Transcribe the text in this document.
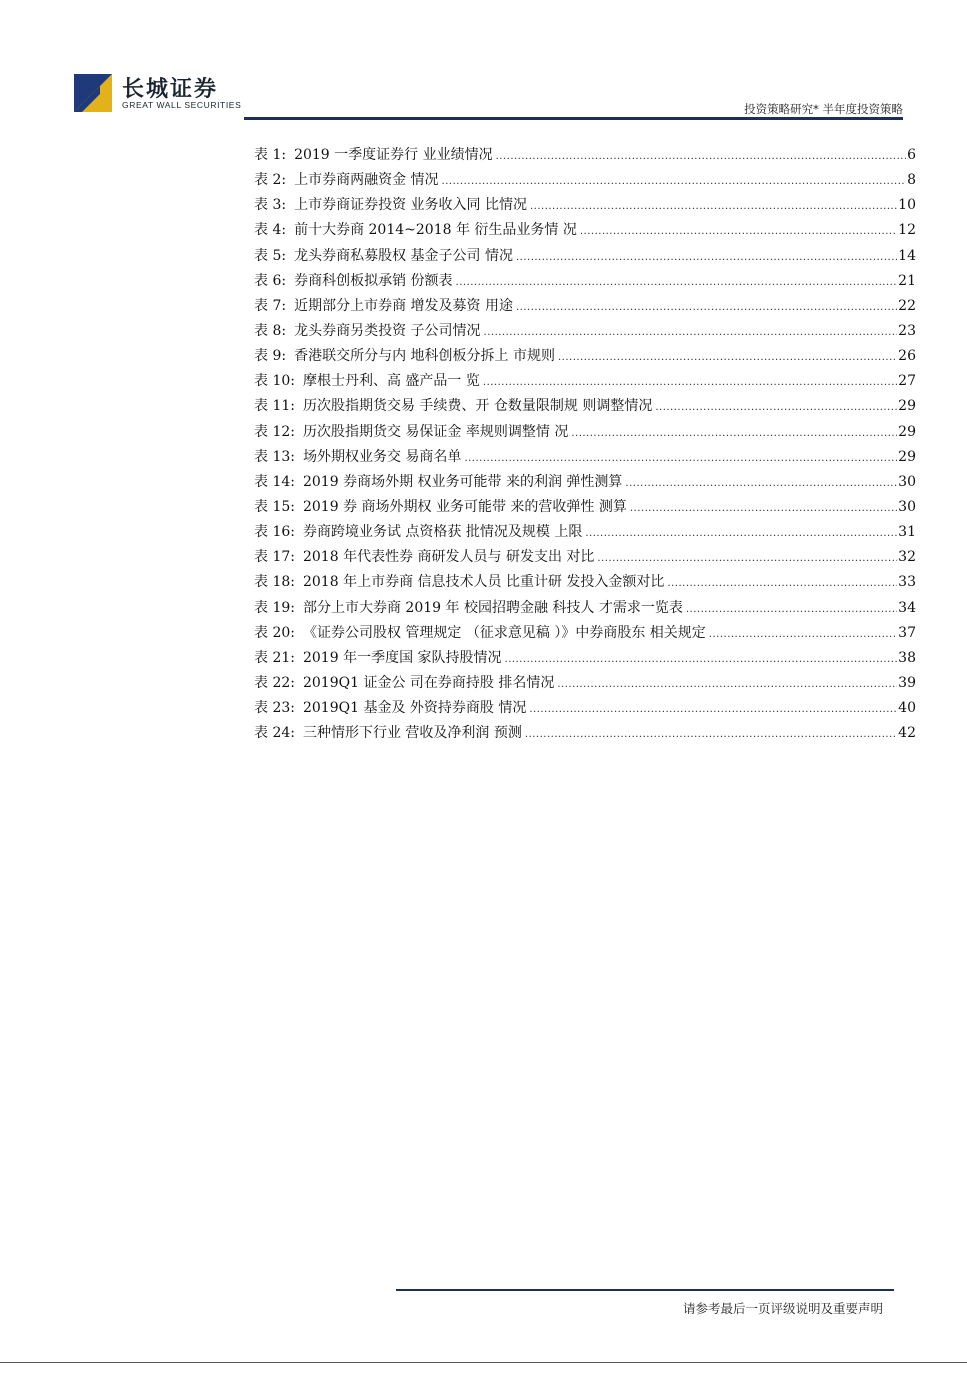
长城证券
GREAT WALL SECURITIES	投资策略研究* 半年度投资策略
表 1: 2019 一季度证券行 业业绩情况 .....	6
表 2: 上市券商两融资金 情况 .....	8
表 3: 上市券商证券投资 业务收入同 比情况 .....	10
表 4: 前十大券商 2014~2018 年 衍生品业务情 况 .....	12
表 5: 龙头券商私募股权 基金子公司 情况 .....	14
表 6: 券商科创板拟承销 份额表 .....	21
表 7: 近期部分上市券商 增发及募资 用途 .....	22
表 8: 龙头券商另类投资 子公司情况 .....	23
表 9: 香港联交所分与内 地科创板分拆上 市规则 .....	26
表 10: 摩根士丹利、高 盛产品一 览 .....	27
表 11: 历次股指期货交易 手续费、开 仓数量限制规 则调整情况 .....	29
表 12: 历次股指期货交 易保证金 率规则调整情 况 .....	29
表 13: 场外期权业务交 易商名单 .....	29
表 14: 2019 券商场外期 权业务可能带 来的利润 弹性测算 .....	30
表 15: 2019 券 商场外期权 业务可能带 来的营收弹性 测算 .....	30
表 16: 券商跨境业务试 点资格获 批情况及规模 上限 .....	31
表 17: 2018 年代表性券 商研发人员与 研发支出 对比 .....	32
表 18: 2018 年上市券商 信息技术人员 比重计研 发投入金额对比 .....	33
表 19: 部分上市大券商 2019 年 校园招聘金融 科技人 才需求一览表 .....	34
表 20: 《证券公司股权 管理规定 （征求意见稿 ）》中券商股东 相关规定 .....	37
表 21: 2019 年一季度国 家队持股情况 .....	38
表 22: 2019Q1 证金公 司在券商持股 排名情况 .....	39
表 23: 2019Q1 基金及 外资持券商股 情况 .....	40
表 24: 三种情形下行业 营收及净利润 预测 .....	42
请参考最后一页评级说明及重要声明
